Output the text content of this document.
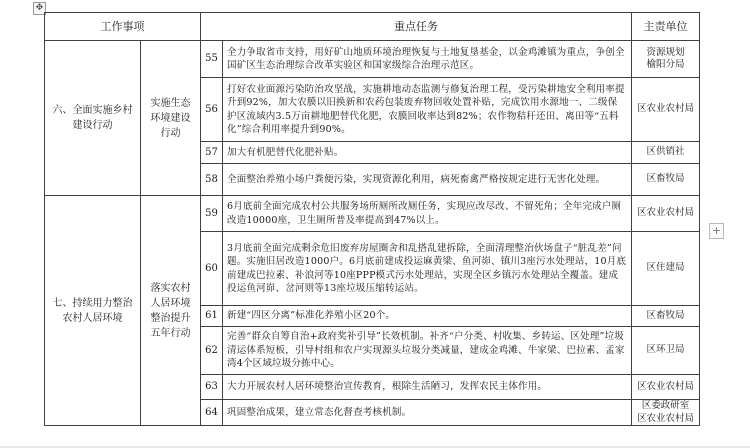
✥
+
工作事项		重点任务		主责单位
六、全面实施乡村建设行动	实施生态环境建设行动	55	全力争取省市支持，用好矿山地质环境治理恢复与土地复垦基金，以金鸡滩镇为重点，争创全国矿区生态治理综合改革实验区和国家级综合治理示范区。	资源规划
榆阳分局

		56	打好农业面源污染防治攻坚战，实施耕地动态监测与修复治理工程，受污染耕地安全利用率提升到92%，加大农膜以旧换新和农药包装废弃物回收处置补贴，完成饮用水源地一、二级保护区流域内3.5万亩耕地肥替代化肥，农膜回收率达到82%；农作物秸秆还田、离田等“五料化”综合利用率提升到90%。	区农业农村局

		57	加大有机肥替代化肥补贴。	区供销社

		58	全面整治养殖小场户粪便污染，实现资源化利用，病死畜禽严格按规定进行无害化处理。	区畜牧局

七、持续用力整治农村人居环境	落实农村人居环境整治提升五年行动	59	6月底前全面完成农村公共服务场所厕所改厕任务，实现应改尽改、不留死角；全年完成户厕改造10000座，卫生厕所普及率提高到47%以上。	区农业农村局

		60	3月底前全面完成剩余危旧废弃房屋圈舍和乱搭乱建拆除，全面清理整治伙场盘子“脏乱差”问题。实施旧居改造1000户。6月底前建成投运麻黄梁、鱼河峁、镇川3座污水处理站，10月底前建成巴拉素、补浪河等10座PPP模式污水处理站，实现全区乡镇污水处理站全覆盖。建成投运鱼河峁、岔河则等13座垃圾压缩转运站。	区住建局

		61	新建“四区分离”标准化养殖小区20个。	区畜牧局

		62	完善“群众自筹自治+政府奖补引导”长效机制。补齐“户分类、村收集、乡转运、区处理”垃圾清运体系短板，引导村组和农户实现源头垃圾分类减量，建成金鸡滩、牛家梁、巴拉素、孟家湾4个区域垃圾分拣中心。	区环卫局

		63	大力开展农村人居环境整治宣传教育，根除生活陋习，发挥农民主体作用。	区农业农村局

		64	巩固整治成果，建立常态化督查考核机制。	区委政研室
区农业农村局
